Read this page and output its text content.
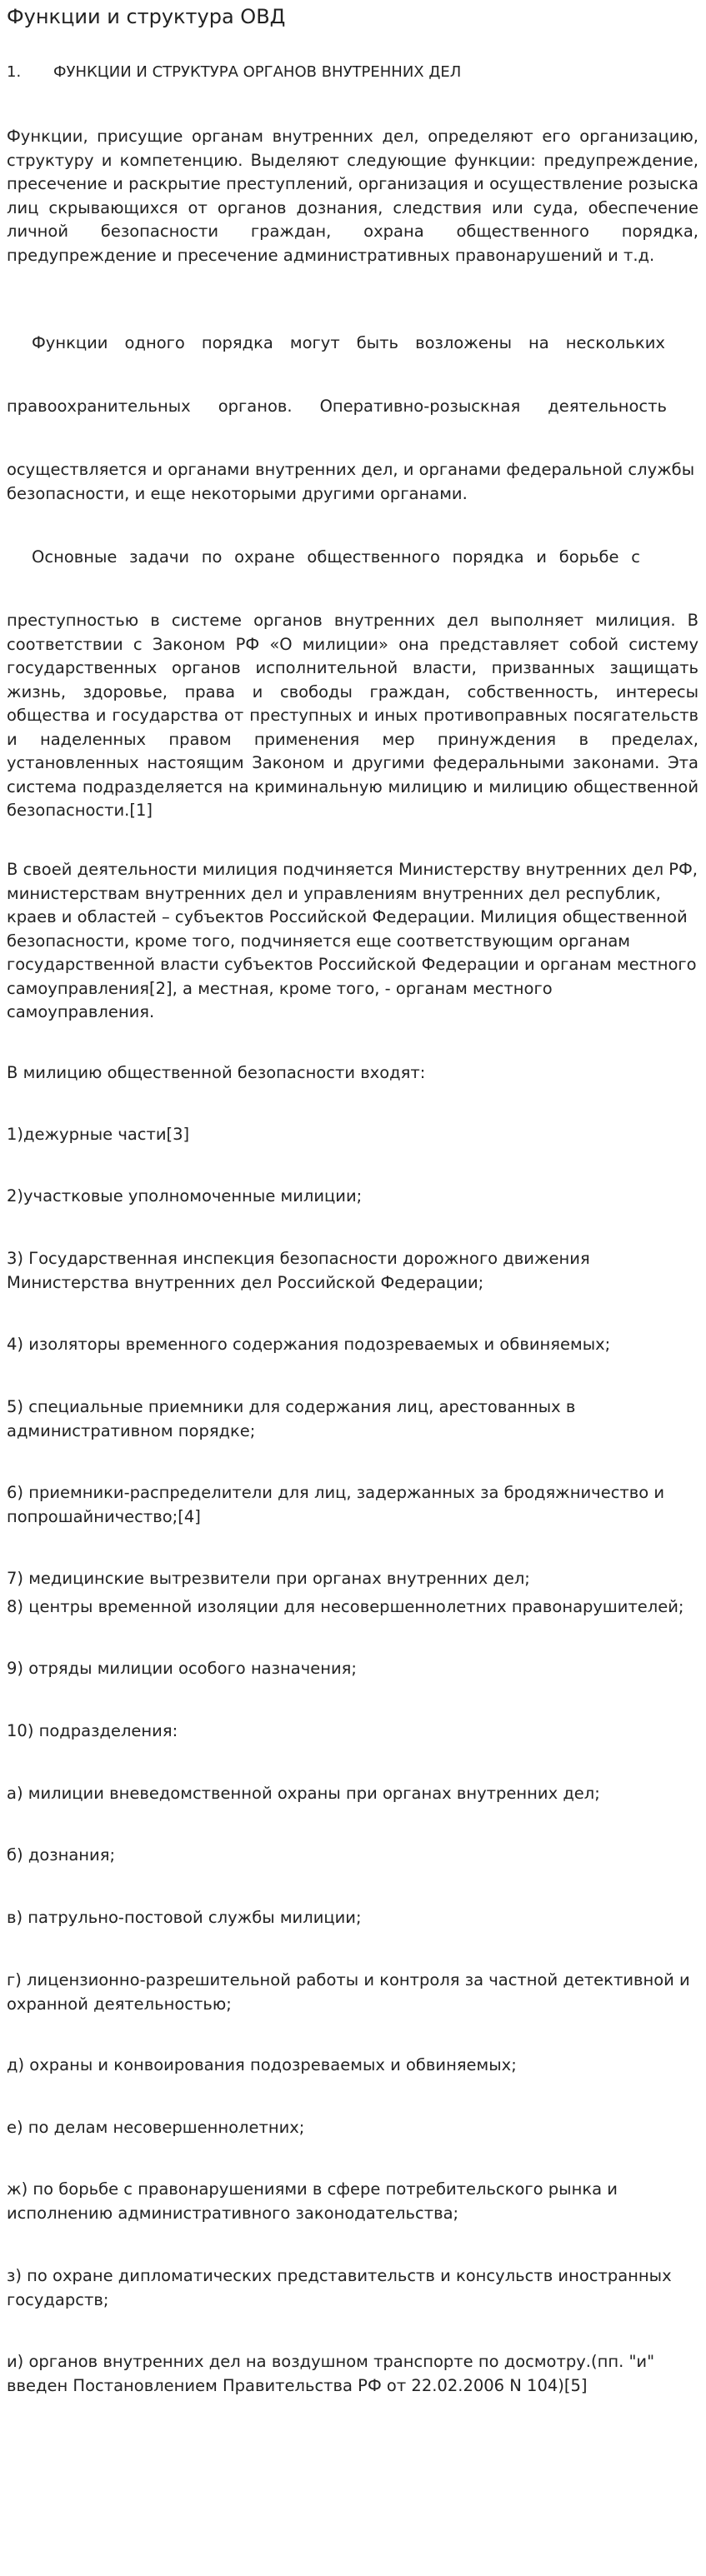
Функции и структура ОВД
1. ФУНКЦИИ И СТРУКТУРА ОРГАНОВ ВНУТРЕННИХ ДЕЛ
Функции, присущие органам внутренних дел, определяют его организацию, структуру и компетенцию. Выделяют следующие функции: предупреждение, пресечение и раскрытие преступлений, организация и осуществление розыска лиц скрывающихся от органов дознания, следствия или суда, обеспечение личной безопасности граждан, охрана общественного порядка, предупреждение и пресечение административных правонарушений и т.д.
Функции одного порядка могут быть возложены на нескольких
правоохранительных органов. Оперативно-розыскная деятельность
осуществляется и органами внутренних дел, и органами федеральной службы безопасности, и еще некоторыми другими органами.
Основные задачи по охране общественного порядка и борьбе с
преступностью в системе органов внутренних дел выполняет милиция. В соответствии с Законом РФ «О милиции» она представляет собой систему государственных органов исполнительной власти, призванных защищать жизнь, здоровье, права и свободы граждан, собственность, интересы общества и государства от преступных и иных противоправных посягательств и наделенных правом применения мер принуждения в пределах, установленных настоящим Законом и другими федеральными законами. Эта система подразделяется на криминальную милицию и милицию общественной безопасности.[1]
В своей деятельности милиция подчиняется Министерству внутренних дел РФ, министерствам внутренних дел и управлениям внутренних дел республик, краев и областей – субъектов Российской Федерации. Милиция общественной безопасности, кроме того, подчиняется еще соответствующим органам государственной власти субъектов Российской Федерации и органам местного самоуправления[2], а местная, кроме того, - органам местного самоуправления.
В милицию общественной безопасности входят:
1)дежурные части[3]
2)участковые уполномоченные милиции;
3) Государственная инспекция безопасности дорожного движения Министерства внутренних дел Российской Федерации;
4) изоляторы временного содержания подозреваемых и обвиняемых;
5) специальные приемники для содержания лиц, арестованных в административном порядке;
6) приемники-распределители для лиц, задержанных за бродяжничество и попрошайничество;[4]
7) медицинские вытрезвители при органах внутренних дел;
8) центры временной изоляции для несовершеннолетних правонарушителей;
9) отряды милиции особого назначения;
10) подразделения:
а) милиции вневедомственной охраны при органах внутренних дел;
б) дознания;
в) патрульно-постовой службы милиции;
г) лицензионно-разрешительной работы и контроля за частной детективной и охранной деятельностью;
д) охраны и конвоирования подозреваемых и обвиняемых;
е) по делам несовершеннолетних;
ж) по борьбе с правонарушениями в сфере потребительского рынка и исполнению административного законодательства;
з) по охране дипломатических представительств и консульств иностранных государств;
и) органов внутренних дел на воздушном транспорте по досмотру.(пп. "и" введен Постановлением Правительства РФ от 22.02.2006 N 104)[5]
